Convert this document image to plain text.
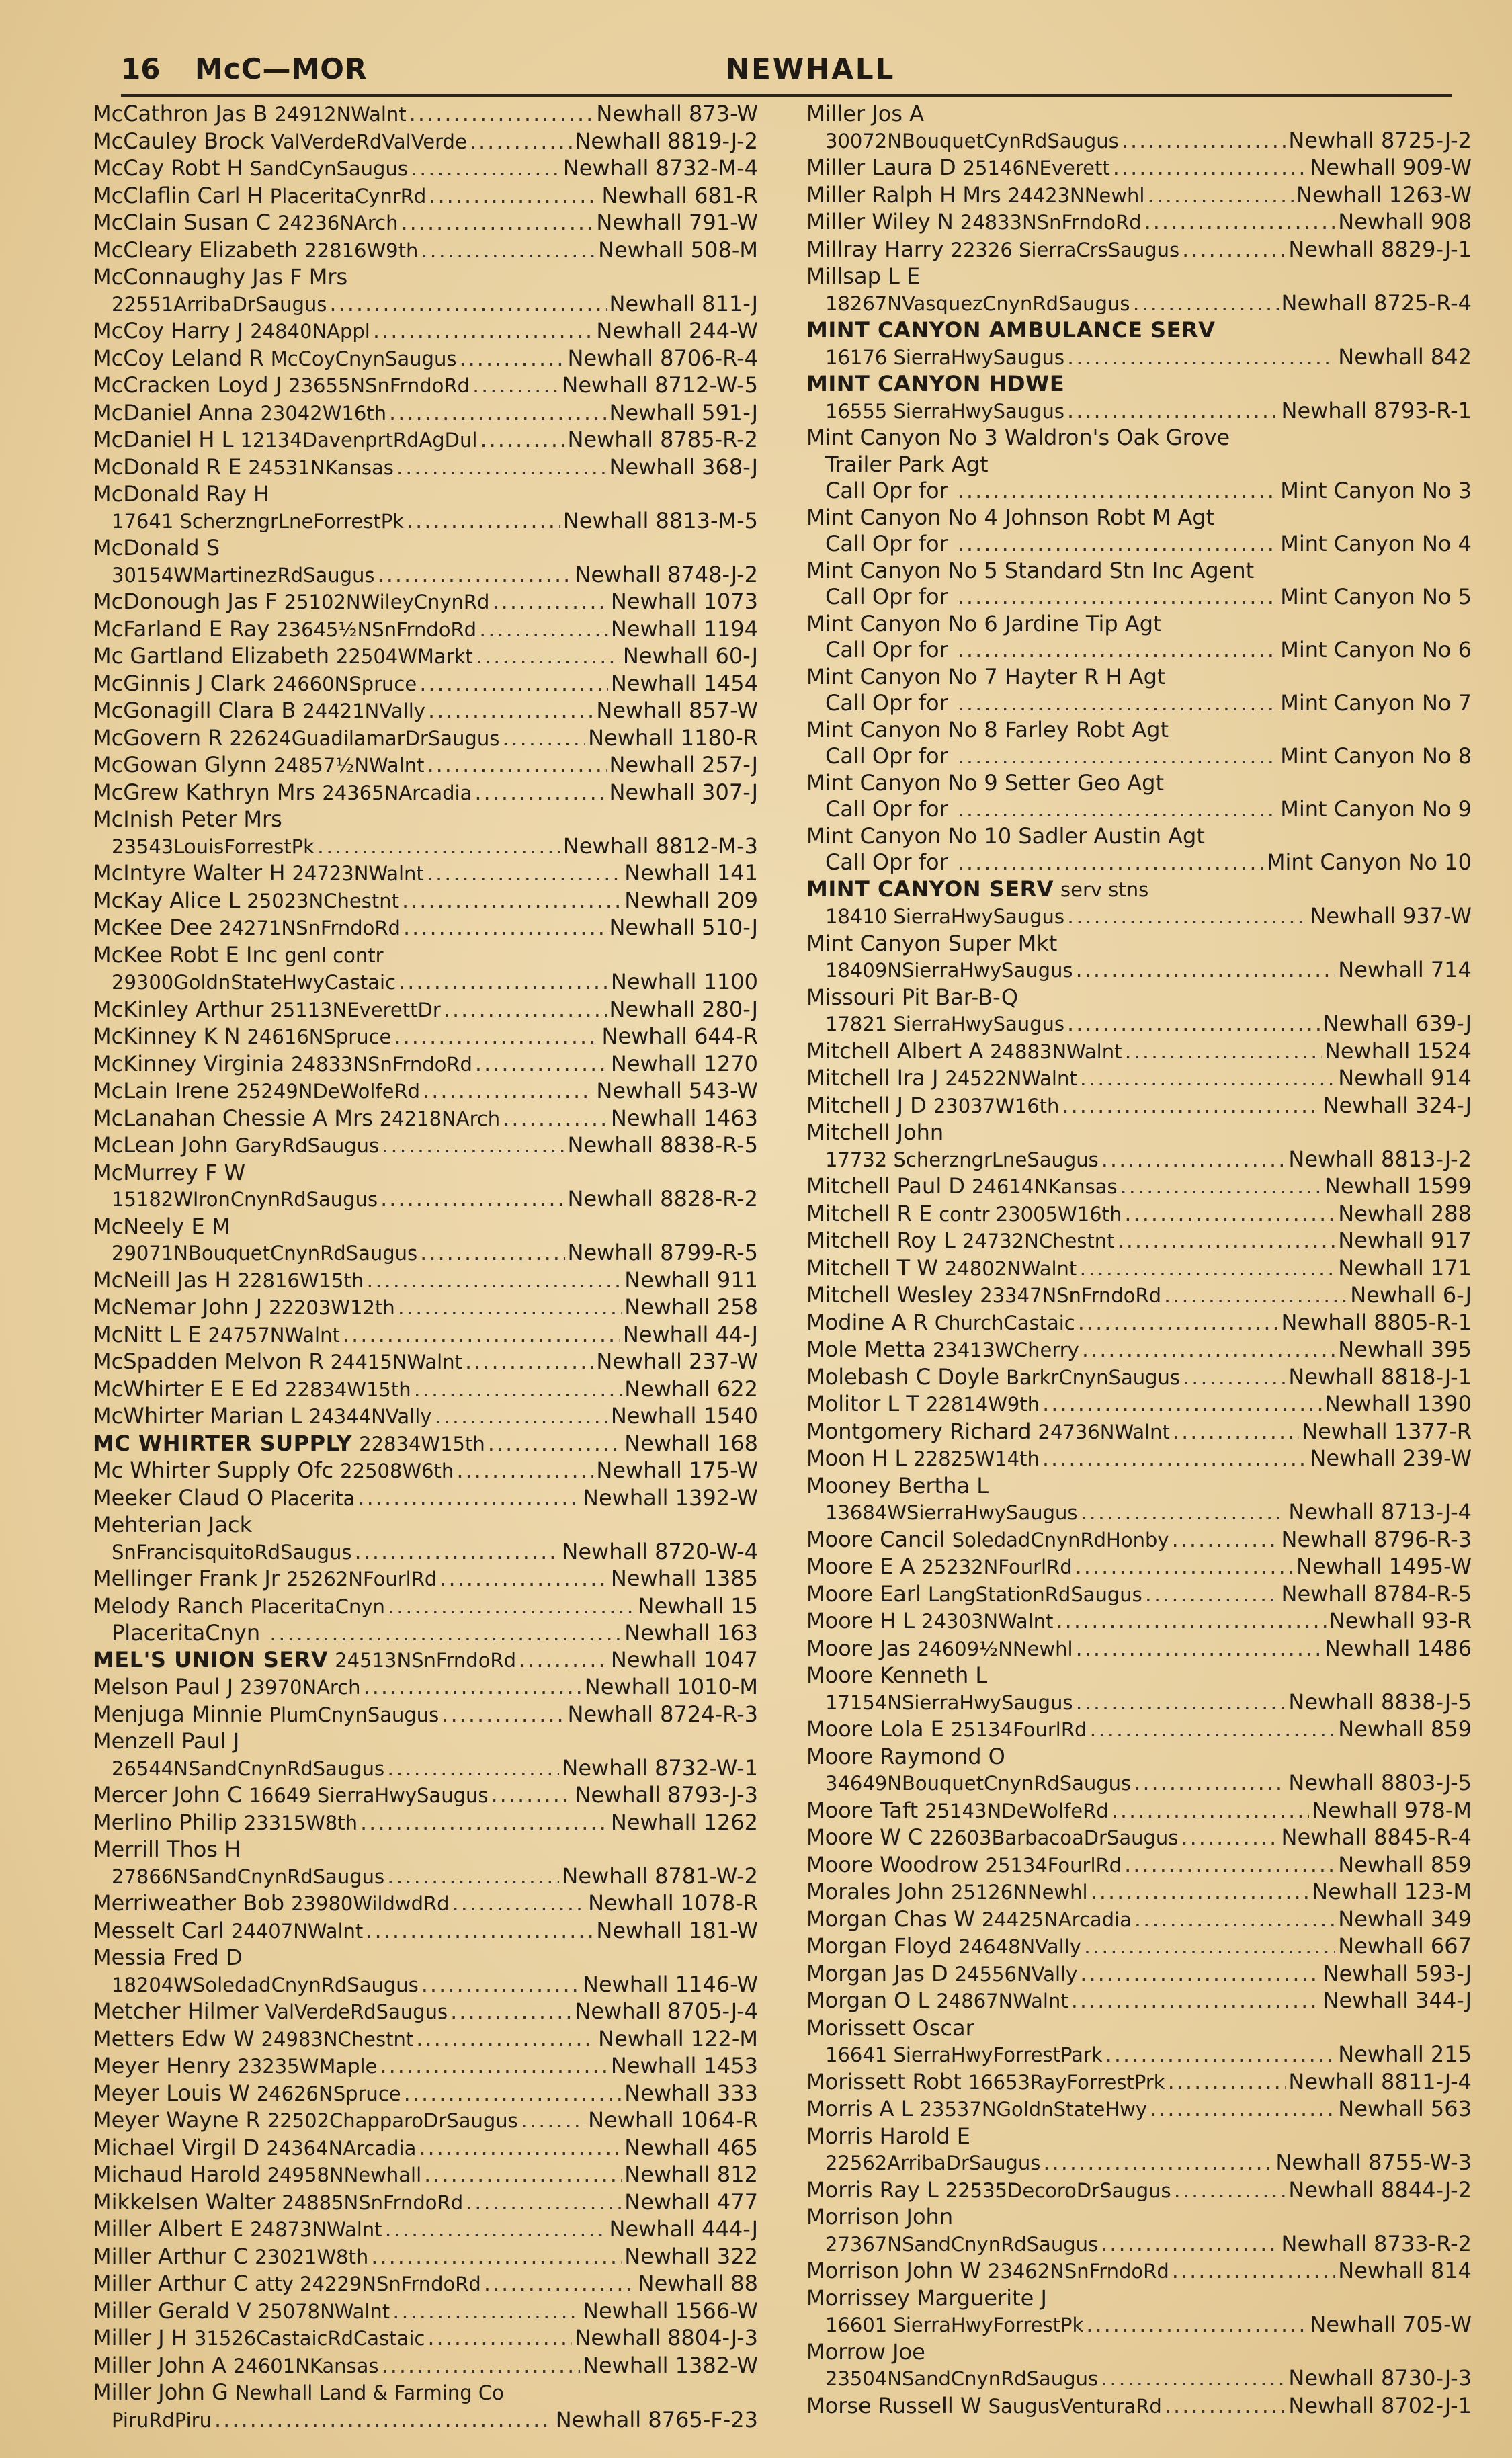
16 McC—MOR	NEWHALL
McCathron Jas B 24912NWalnt .....	Newhall 873-W
McCauley Brock ValVerdeRdValVerde .....	Newhall 8819-J-2
McCay Robt H SandCynSaugus .....	Newhall 8732-M-4
McClaflin Carl H PlaceritaCynrRd .....	Newhall 681-R
McClain Susan C 24236NArch .....	Newhall 791-W
McCleary Elizabeth 22816W9th .....	Newhall 508-M
McConnaughy Jas F Mrs
22551ArribaDrSaugus .....	Newhall 811-J
McCoy Harry J 24840NAppl .....	Newhall 244-W
McCoy Leland R McCoyCnynSaugus .....	Newhall 8706-R-4
McCracken Loyd J 23655NSnFrndoRd .....	Newhall 8712-W-5
McDaniel Anna 23042W16th .....	Newhall 591-J
McDaniel H L 12134DavenprtRdAgDul .....	Newhall 8785-R-2
McDonald R E 24531NKansas .....	Newhall 368-J
McDonald Ray H
17641 ScherzngrLneForrestPk .....	Newhall 8813-M-5
McDonald S
30154WMartinezRdSaugus .....	Newhall 8748-J-2
McDonough Jas F 25102NWileyCnynRd .....	Newhall 1073
McFarland E Ray 23645½NSnFrndoRd .....	Newhall 1194
Mc Gartland Elizabeth 22504WMarkt .....	Newhall 60-J
McGinnis J Clark 24660NSpruce .....	Newhall 1454
McGonagill Clara B 24421NVally .....	Newhall 857-W
McGovern R 22624GuadilamarDrSaugus .....	Newhall 1180-R
McGowan Glynn 24857½NWalnt .....	Newhall 257-J
McGrew Kathryn Mrs 24365NArcadia .....	Newhall 307-J
McInish Peter Mrs
23543LouisForrestPk .....	Newhall 8812-M-3
McIntyre Walter H 24723NWalnt .....	Newhall 141
McKay Alice L 25023NChestnt .....	Newhall 209
McKee Dee 24271NSnFrndoRd .....	Newhall 510-J
McKee Robt E Inc genl contr
29300GoldnStateHwyCastaic .....	Newhall 1100
McKinley Arthur 25113NEverettDr .....	Newhall 280-J
McKinney K N 24616NSpruce .....	Newhall 644-R
McKinney Virginia 24833NSnFrndoRd .....	Newhall 1270
McLain Irene 25249NDeWolfeRd .....	Newhall 543-W
McLanahan Chessie A Mrs 24218NArch .....	Newhall 1463
McLean John GaryRdSaugus .....	Newhall 8838-R-5
McMurrey F W
15182WIronCnynRdSaugus .....	Newhall 8828-R-2
McNeely E M
29071NBouquetCnynRdSaugus .....	Newhall 8799-R-5
McNeill Jas H 22816W15th .....	Newhall 911
McNemar John J 22203W12th .....	Newhall 258
McNitt L E 24757NWalnt .....	Newhall 44-J
McSpadden Melvon R 24415NWalnt .....	Newhall 237-W
McWhirter E E Ed 22834W15th .....	Newhall 622
McWhirter Marian L 24344NVally .....	Newhall 1540
MC WHIRTER SUPPLY 22834W15th .....	Newhall 168
Mc Whirter Supply Ofc 22508W6th .....	Newhall 175-W
Meeker Claud O Placerita .....	Newhall 1392-W
Mehterian Jack
SnFrancisquitoRdSaugus .....	Newhall 8720-W-4
Mellinger Frank Jr 25262NFourlRd .....	Newhall 1385
Melody Ranch PlaceritaCnyn .....	Newhall 15
PlaceritaCnyn .....	Newhall 163
MEL'S UNION SERV 24513NSnFrndoRd .....	Newhall 1047
Melson Paul J 23970NArch .....	Newhall 1010-M
Menjuga Minnie PlumCnynSaugus .....	Newhall 8724-R-3
Menzell Paul J
26544NSandCnynRdSaugus .....	Newhall 8732-W-1
Mercer John C 16649 SierraHwySaugus .....	Newhall 8793-J-3
Merlino Philip 23315W8th .....	Newhall 1262
Merrill Thos H
27866NSandCnynRdSaugus .....	Newhall 8781-W-2
Merriweather Bob 23980WildwdRd .....	Newhall 1078-R
Messelt Carl 24407NWalnt .....	Newhall 181-W
Messia Fred D
18204WSoledadCnynRdSaugus .....	Newhall 1146-W
Metcher Hilmer ValVerdeRdSaugus .....	Newhall 8705-J-4
Metters Edw W 24983NChestnt .....	Newhall 122-M
Meyer Henry 23235WMaple .....	Newhall 1453
Meyer Louis W 24626NSpruce .....	Newhall 333
Meyer Wayne R 22502ChapparoDrSaugus .....	Newhall 1064-R
Michael Virgil D 24364NArcadia .....	Newhall 465
Michaud Harold 24958NNewhall .....	Newhall 812
Mikkelsen Walter 24885NSnFrndoRd .....	Newhall 477
Miller Albert E 24873NWalnt .....	Newhall 444-J
Miller Arthur C 23021W8th .....	Newhall 322
Miller Arthur C atty 24229NSnFrndoRd .....	Newhall 88
Miller Gerald V 25078NWalnt .....	Newhall 1566-W
Miller J H 31526CastaicRdCastaic .....	Newhall 8804-J-3
Miller John A 24601NKansas .....	Newhall 1382-W
Miller John G Newhall Land & Farming Co
PiruRdPiru .....	Newhall 8765-F-23
Miller Jos A
30072NBouquetCynRdSaugus .....	Newhall 8725-J-2
Miller Laura D 25146NEverett .....	Newhall 909-W
Miller Ralph H Mrs 24423NNewhl .....	Newhall 1263-W
Miller Wiley N 24833NSnFrndoRd .....	Newhall 908
Millray Harry 22326 SierraCrsSaugus .....	Newhall 8829-J-1
Millsap L E
18267NVasquezCnynRdSaugus .....	Newhall 8725-R-4
MINT CANYON AMBULANCE SERV
16176 SierraHwySaugus .....	Newhall 842
MINT CANYON HDWE
16555 SierraHwySaugus .....	Newhall 8793-R-1
Mint Canyon No 3 Waldron's Oak Grove
Trailer Park Agt
Call Opr for .....	Mint Canyon No 3
Mint Canyon No 4 Johnson Robt M Agt
Call Opr for .....	Mint Canyon No 4
Mint Canyon No 5 Standard Stn Inc Agent
Call Opr for .....	Mint Canyon No 5
Mint Canyon No 6 Jardine Tip Agt
Call Opr for .....	Mint Canyon No 6
Mint Canyon No 7 Hayter R H Agt
Call Opr for .....	Mint Canyon No 7
Mint Canyon No 8 Farley Robt Agt
Call Opr for .....	Mint Canyon No 8
Mint Canyon No 9 Setter Geo Agt
Call Opr for .....	Mint Canyon No 9
Mint Canyon No 10 Sadler Austin Agt
Call Opr for .....	Mint Canyon No 10
MINT CANYON SERV serv stns
18410 SierraHwySaugus .....	Newhall 937-W
Mint Canyon Super Mkt
18409NSierraHwySaugus .....	Newhall 714
Missouri Pit Bar-B-Q
17821 SierraHwySaugus .....	Newhall 639-J
Mitchell Albert A 24883NWalnt .....	Newhall 1524
Mitchell Ira J 24522NWalnt .....	Newhall 914
Mitchell J D 23037W16th .....	Newhall 324-J
Mitchell John
17732 ScherzngrLneSaugus .....	Newhall 8813-J-2
Mitchell Paul D 24614NKansas .....	Newhall 1599
Mitchell R E contr 23005W16th .....	Newhall 288
Mitchell Roy L 24732NChestnt .....	Newhall 917
Mitchell T W 24802NWalnt .....	Newhall 171
Mitchell Wesley 23347NSnFrndoRd .....	Newhall 6-J
Modine A R ChurchCastaic .....	Newhall 8805-R-1
Mole Metta 23413WCherry .....	Newhall 395
Molebash C Doyle BarkrCnynSaugus .....	Newhall 8818-J-1
Molitor L T 22814W9th .....	Newhall 1390
Montgomery Richard 24736NWalnt .....	Newhall 1377-R
Moon H L 22825W14th .....	Newhall 239-W
Mooney Bertha L
13684WSierraHwySaugus .....	Newhall 8713-J-4
Moore Cancil SoledadCnynRdHonby .....	Newhall 8796-R-3
Moore E A 25232NFourlRd .....	Newhall 1495-W
Moore Earl LangStationRdSaugus .....	Newhall 8784-R-5
Moore H L 24303NWalnt .....	Newhall 93-R
Moore Jas 24609½NNewhl .....	Newhall 1486
Moore Kenneth L
17154NSierraHwySaugus .....	Newhall 8838-J-5
Moore Lola E 25134FourlRd .....	Newhall 859
Moore Raymond O
34649NBouquetCnynRdSaugus .....	Newhall 8803-J-5
Moore Taft 25143NDeWolfeRd .....	Newhall 978-M
Moore W C 22603BarbacoaDrSaugus .....	Newhall 8845-R-4
Moore Woodrow 25134FourlRd .....	Newhall 859
Morales John 25126NNewhl .....	Newhall 123-M
Morgan Chas W 24425NArcadia .....	Newhall 349
Morgan Floyd 24648NVally .....	Newhall 667
Morgan Jas D 24556NVally .....	Newhall 593-J
Morgan O L 24867NWalnt .....	Newhall 344-J
Morissett Oscar
16641 SierraHwyForrestPark .....	Newhall 215
Morissett Robt 16653RayForrestPrk .....	Newhall 8811-J-4
Morris A L 23537NGoldnStateHwy .....	Newhall 563
Morris Harold E
22562ArribaDrSaugus .....	Newhall 8755-W-3
Morris Ray L 22535DecoroDrSaugus .....	Newhall 8844-J-2
Morrison John
27367NSandCnynRdSaugus .....	Newhall 8733-R-2
Morrison John W 23462NSnFrndoRd .....	Newhall 814
Morrissey Marguerite J
16601 SierraHwyForrestPk .....	Newhall 705-W
Morrow Joe
23504NSandCnynRdSaugus .....	Newhall 8730-J-3
Morse Russell W SaugusVenturaRd .....	Newhall 8702-J-1
